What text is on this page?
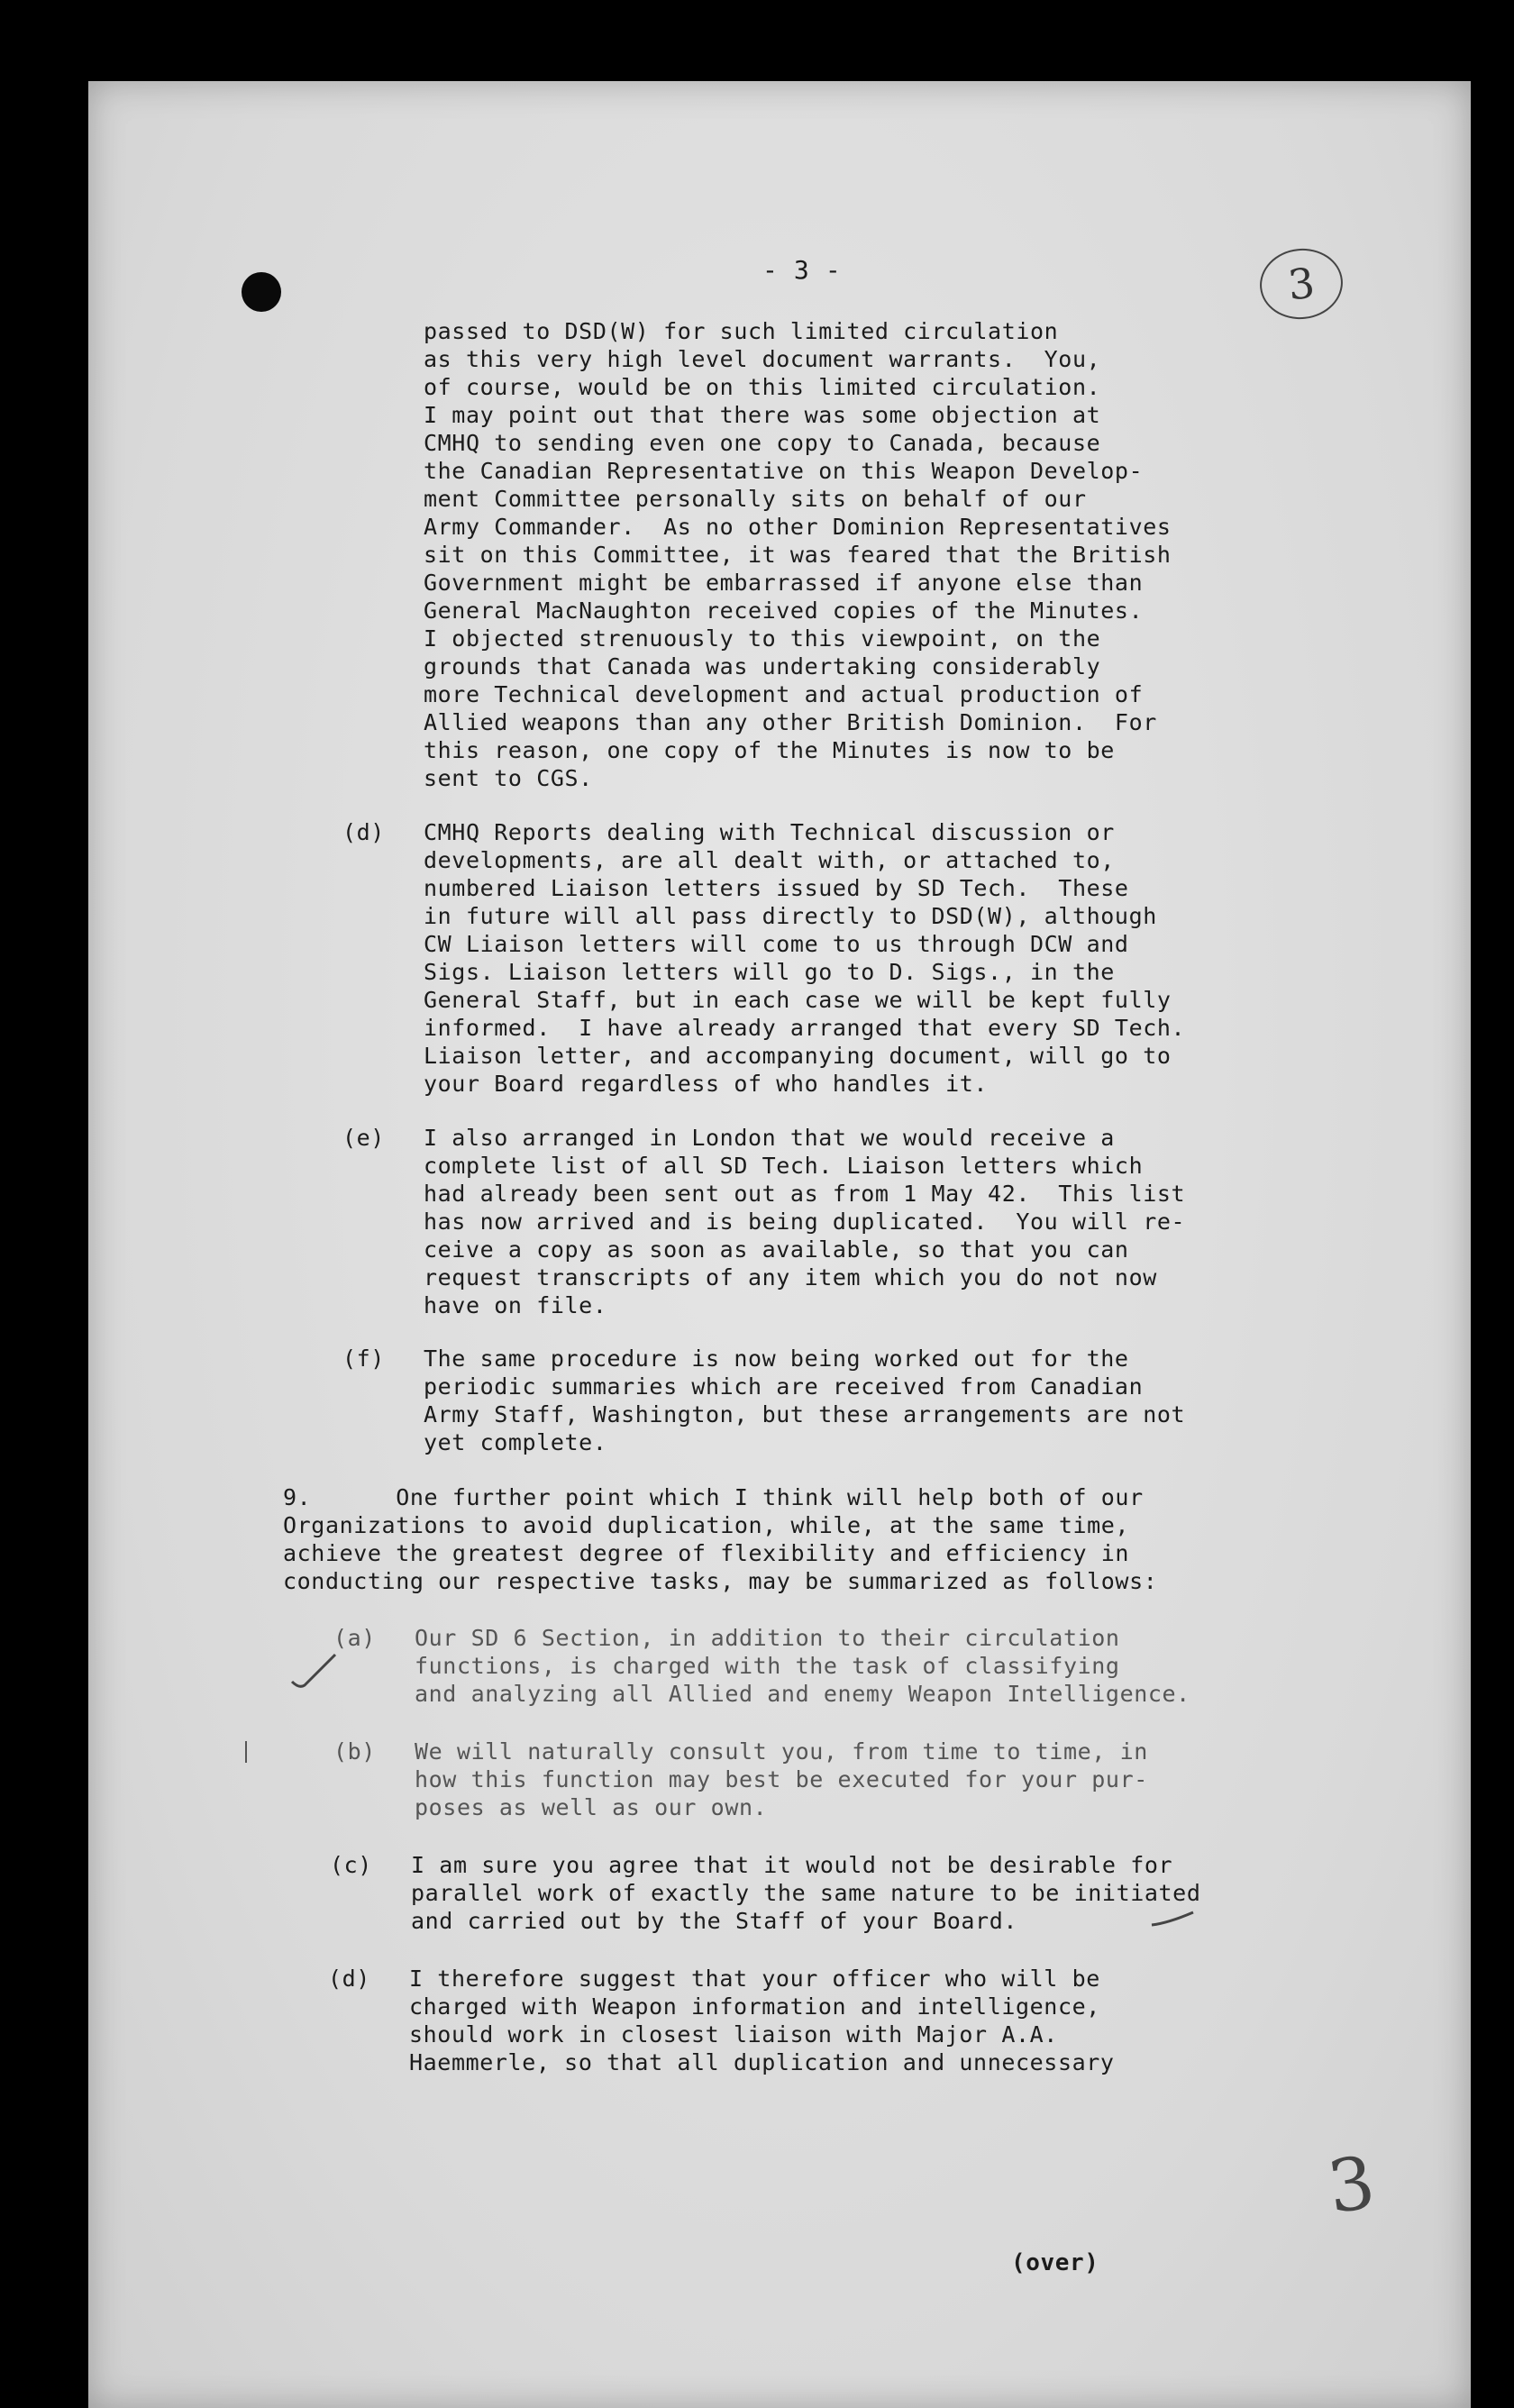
3
- 3 -
passed to DSD(W) for such limited circulation
as this very high level document warrants.  You,
of course, would be on this limited circulation.
I may point out that there was some objection at
CMHQ to sending even one copy to Canada, because
the Canadian Representative on this Weapon Develop-
ment Committee personally sits on behalf of our
Army Commander.  As no other Dominion Representatives
sit on this Committee, it was feared that the British
Government might be embarrassed if anyone else than
General MacNaughton received copies of the Minutes.
I objected strenuously to this viewpoint, on the
grounds that Canada was undertaking considerably
more Technical development and actual production of
Allied weapons than any other British Dominion.  For
this reason, one copy of the Minutes is now to be
sent to CGS.
(d) CMHQ Reports dealing with Technical discussion or
developments, are all dealt with, or attached to,
numbered Liaison letters issued by SD Tech.  These
in future will all pass directly to DSD(W), although
CW Liaison letters will come to us through DCW and
Sigs. Liaison letters will go to D. Sigs., in the
General Staff, but in each case we will be kept fully
informed.  I have already arranged that every SD Tech.
Liaison letter, and accompanying document, will go to
your Board regardless of who handles it.
(e) I also arranged in London that we would receive a
complete list of all SD Tech. Liaison letters which
had already been sent out as from 1 May 42.  This list
has now arrived and is being duplicated.  You will re-
ceive a copy as soon as available, so that you can
request transcripts of any item which you do not now
have on file.
(f) The same procedure is now being worked out for the
periodic summaries which are received from Canadian
Army Staff, Washington, but these arrangements are not
yet complete.
9.      One further point which I think will help both of our
Organizations to avoid duplication, while, at the same time,
achieve the greatest degree of flexibility and efficiency in
conducting our respective tasks, may be summarized as follows:
(a) Our SD 6 Section, in addition to their circulation
functions, is charged with the task of classifying
and analyzing all Allied and enemy Weapon Intelligence.
(b) We will naturally consult you, from time to time, in
how this function may best be executed for your pur-
poses as well as our own.
(c) I am sure you agree that it would not be desirable for
parallel work of exactly the same nature to be initiated
and carried out by the Staff of your Board.
(d) I therefore suggest that your officer who will be
charged with Weapon information and intelligence,
should work in closest liaison with Major A.A.
Haemmerle, so that all duplication and unnecessary
(over)
3
